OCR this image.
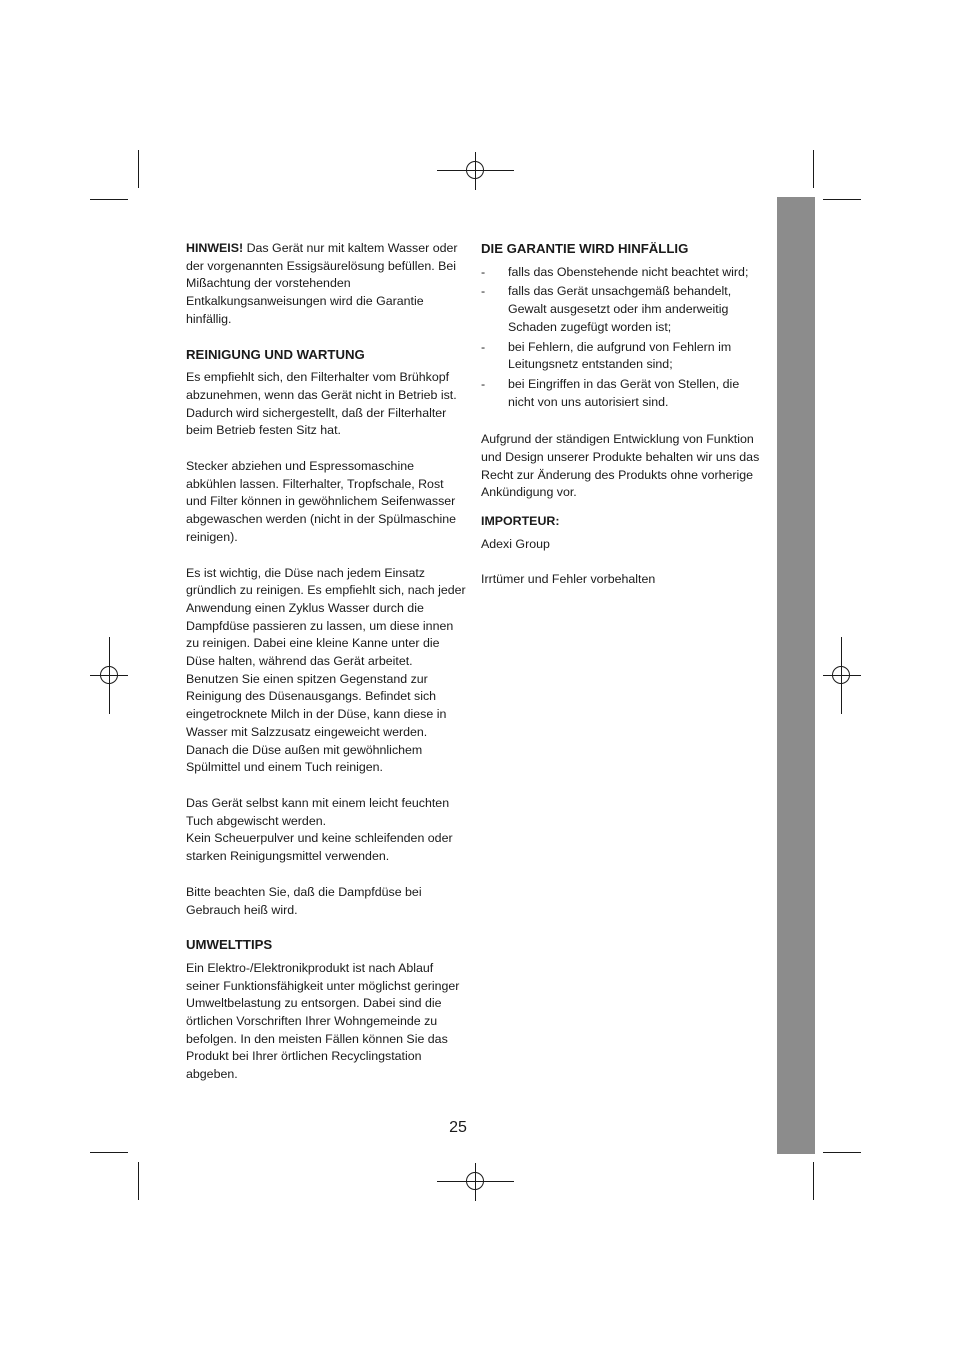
HINWEIS! Das Gerät nur mit kaltem Wasser oder der vorgenannten Essigsäurelösung befüllen. Bei Mißachtung der vorstehenden Entkalkungsanweisungen wird die Garantie hinfällig.

REINIGUNG UND WARTUNG

Es empfiehlt sich, den Filterhalter vom Brühkopf abzunehmen, wenn das Gerät nicht in Betrieb ist. Dadurch wird sichergestellt, daß der Filterhalter beim Betrieb festen Sitz hat.

Stecker abziehen und Espressomaschine abkühlen lassen. Filterhalter, Tropfschale, Rost und Filter können in gewöhnlichem Seifenwasser abgewaschen werden (nicht in der Spülmaschine reinigen).

Es ist wichtig, die Düse nach jedem Einsatz gründlich zu reinigen. Es empfiehlt sich, nach jeder Anwendung einen Zyklus Wasser durch die Dampfdüse passieren zu lassen, um diese innen zu reinigen. Dabei eine kleine Kanne unter die Düse halten, während das Gerät arbeitet. Benutzen Sie einen spitzen Gegenstand zur Reinigung des Düsenausgangs. Befindet sich eingetrocknete Milch in der Düse, kann diese in Wasser mit Salzzusatz eingeweicht werden. Danach die Düse außen mit gewöhnlichem Spülmittel und einem Tuch reinigen.

Das Gerät selbst kann mit einem leicht feuchten Tuch abgewischt werden.

Kein Scheuerpulver und keine schleifenden oder starken Reinigungsmittel verwenden.

Bitte beachten Sie, daß die Dampfdüse bei Gebrauch heiß wird.

UMWELTTIPS

Ein Elektro-/Elektronikprodukt ist nach Ablauf seiner Funktionsfähigkeit unter möglichst geringer Umweltbelastung zu entsorgen. Dabei sind die örtlichen Vorschriften Ihrer Wohngemeinde zu befolgen. In den meisten Fällen können Sie das Produkt bei Ihrer örtlichen Recyclingstation abgeben.

DIE GARANTIE WIRD HINFÄLLIG
- falls das Obenstehende nicht beachtet wird;
- falls das Gerät unsachgemäß behandelt, Gewalt ausgesetzt oder ihm anderweitig Schaden zugefügt worden ist;
- bei Fehlern, die aufgrund von Fehlern im Leitungsnetz entstanden sind;
- bei Eingriffen in das Gerät von Stellen, die nicht von uns autorisiert sind.

Aufgrund der ständigen Entwicklung von Funktion und Design unserer Produkte behalten wir uns das Recht zur Änderung des Produkts ohne vorherige Ankündigung vor.

IMPORTEUR:

Adexi Group

Irrtümer und Fehler vorbehalten

25
